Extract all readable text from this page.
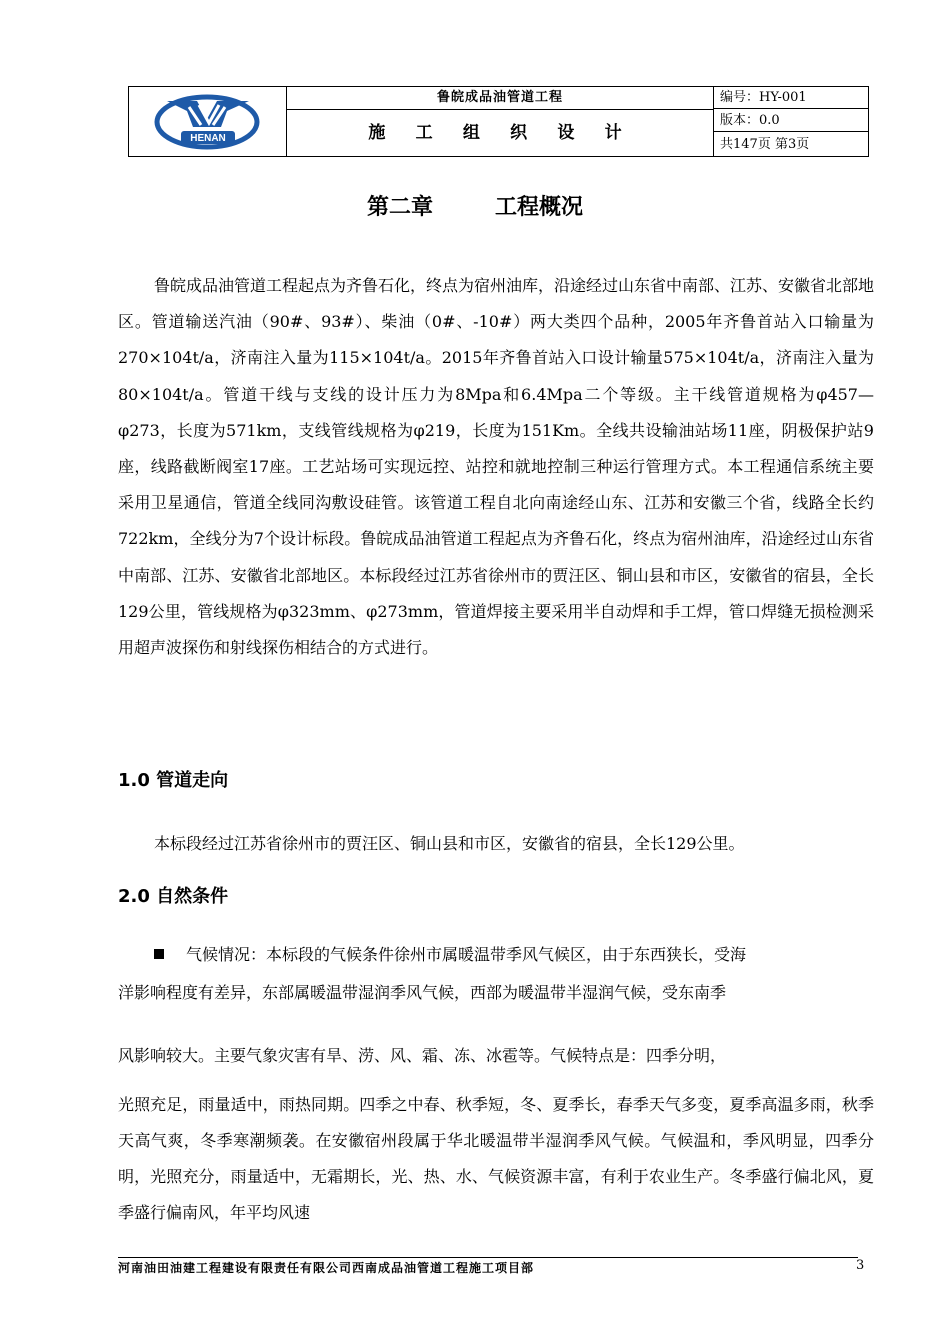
HENAN
鲁皖成品油管道工程
施 工 组 织 设 计
编号：HY-001
版本：0.0
共147页 第3页
第二章	工程概况

鲁皖成品油管道工程起点为齐鲁石化，终点为宿州油库，沿途经过山东省中南部、江苏、安徽省北部地区。管道输送汽油（90#、93#）、柴油（0#、-10#）两大类四个品种，2005年齐鲁首站入口输量为270×104t/a，济南注入量为115×104t/a。2015年齐鲁首站入口设计输量575×104t/a，济南注入量为80×104t/a。管道干线与支线的设计压力为8Mpa和6.4Mpa二个等级。主干线管道规格为φ457—φ273，长度为571km，支线管线规格为φ219，长度为151Km。全线共设输油站场11座，阴极保护站9座，线路截断阀室17座。工艺站场可实现远控、站控和就地控制三种运行管理方式。本工程通信系统主要采用卫星通信，管道全线同沟敷设硅管。该管道工程自北向南途经山东、江苏和安徽三个省，线路全长约722km，全线分为7个设计标段。鲁皖成品油管道工程起点为齐鲁石化，终点为宿州油库，沿途经过山东省中南部、江苏、安徽省北部地区。本标段经过江苏省徐州市的贾汪区、铜山县和市区，安徽省的宿县，全长129公里，管线规格为φ323mm、φ273mm，管道焊接主要采用半自动焊和手工焊，管口焊缝无损检测采用超声波探伤和射线探伤相结合的方式进行。

1.0 管道走向

本标段经过江苏省徐州市的贾汪区、铜山县和市区，安徽省的宿县，全长129公里。

2.0 自然条件
气候情况：本标段的气候条件徐州市属暖温带季风气候区，由于东西狭长，受海
洋影响程度有差异，东部属暖温带湿润季风气候，西部为暖温带半湿润气候，受东南季
风影响较大。主要气象灾害有旱、涝、风、霜、冻、冰雹等。气候特点是：四季分明，
光照充足，雨量适中，雨热同期。四季之中春、秋季短，冬、夏季长，春季天气多变，夏季高温多雨，秋季天高气爽，冬季寒潮频袭。在安徽宿州段属于华北暖温带半湿润季风气候。气候温和，季风明显，四季分明，光照充分，雨量适中，无霜期长，光、热、水、气候资源丰富，有利于农业生产。冬季盛行偏北风，夏季盛行偏南风，年平均风速
河南油田油建工程建设有限责任有限公司西南成品油管道工程施工项目部	3
